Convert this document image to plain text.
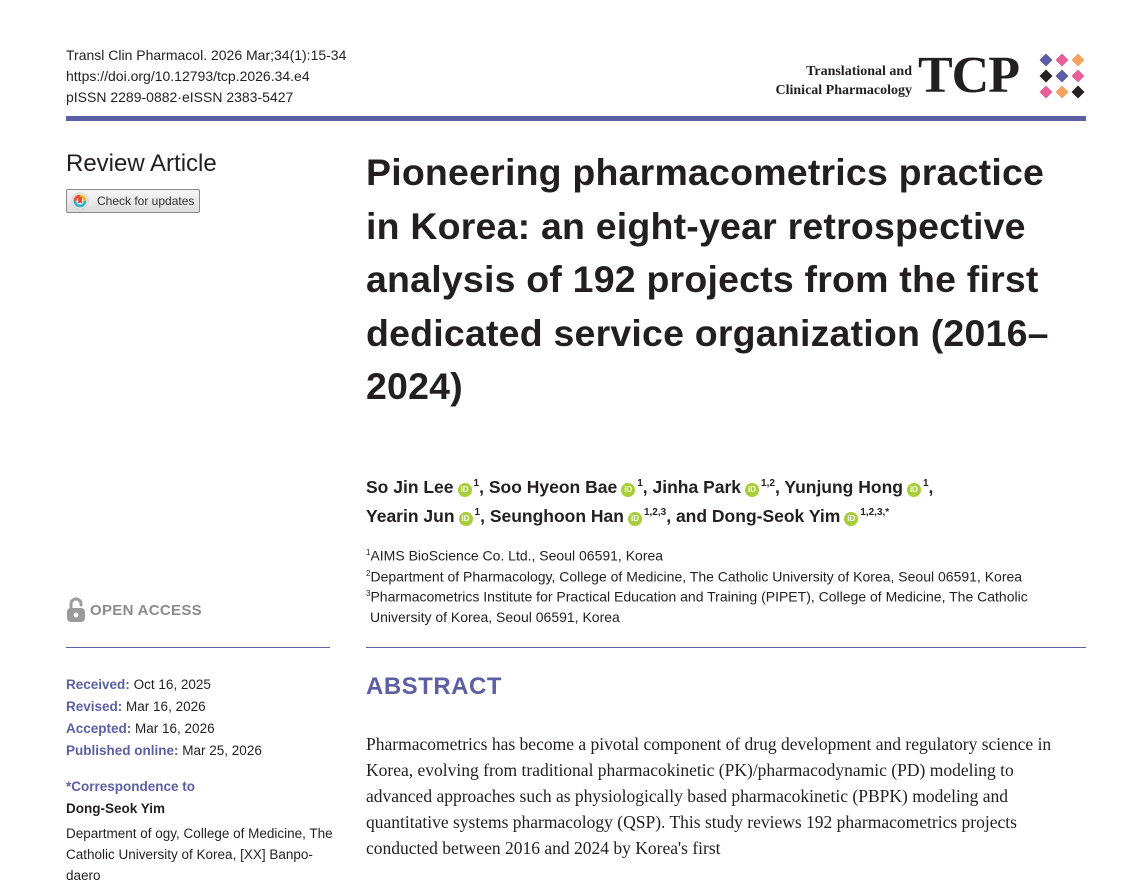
Transl Clin Pharmacol. 2026 Mar;34(1):15-34
https://doi.org/10.12793/tcp.2026.34.e4
pISSN 2289-0882·eISSN 2383-5427
Translational and
Clinical Pharmacology TCP
Review Article
Check for updates
OPEN ACCESS
Received: Oct 16, 2025
Revised: Mar 16, 2026
Accepted: Mar 16, 2026
Published online: Mar 25, 2026
*Correspondence to
Dong-Seok Yim
Department of ogy, College of Medicine, The Catholic University of Korea, [XX] Banpo-daero
Pioneering pharmacometrics practice in Korea: an eight-year retrospective analysis of 192 projects from the first dedicated service organization (2016–2024)
So Jin Lee $iD^1$, Soo Hyeon Bae $iD^1$, Jinha Park iD$^{1,2}$, Yunjung Hong $iD^1$,
Yearin Jun $iD^1$, Seunghoon Han iD$^{1,2,3}$, and Dong-Seok Yim $iD^{1,2,3,*}$
$^1$AIMS BioScience Co. Ltd., Seoul 06591, Korea
$^2$Department of Pharmacology, College of Medicine, The Catholic University of Korea, Seoul 06591, Korea
$^3$Pharmacometrics Institute for Practical Education and Training (PIPET), College of Medicine, The Catholic
University of Korea, Seoul 06591, Korea
ABSTRACT
Pharmacometrics has become a pivotal component of drug development and regulatory science in Korea, evolving from traditional pharmacokinetic (PK)/pharmacodynamic (PD) modeling to advanced approaches such as physiologically based pharmacokinetic (PBPK) modeling and quantitative systems pharmacology (QSP). This study reviews 192 pharmacometrics projects conducted between 2016 and 2024 by Korea's first
